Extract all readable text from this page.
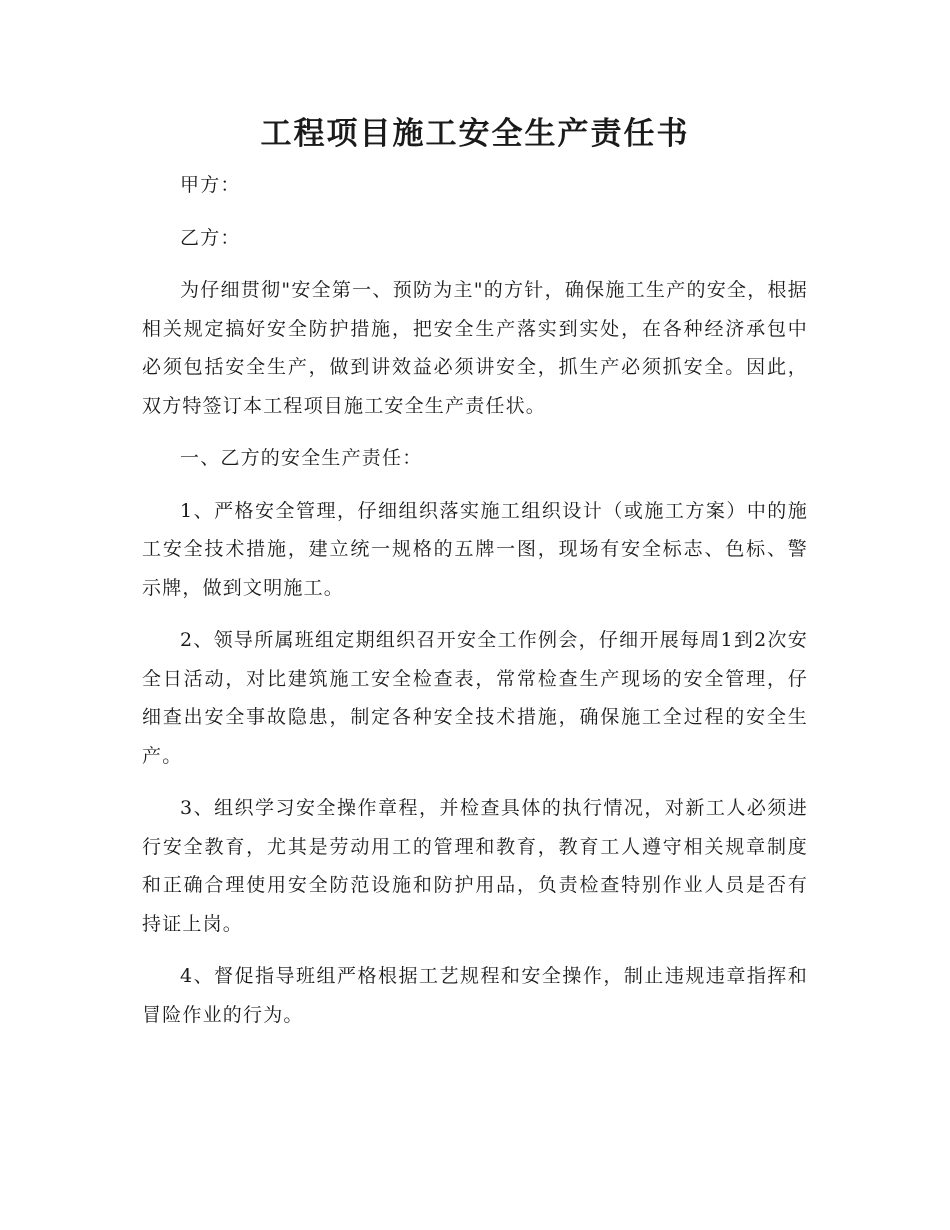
工程项目施工安全生产责任书

甲方：

乙方：

为仔细贯彻"安全第一、预防为主"的方针，确保施工生产的安全，根据相关规定搞好安全防护措施，把安全生产落实到实处，在各种经济承包中必须包括安全生产，做到讲效益必须讲安全，抓生产必须抓安全。因此，双方特签订本工程项目施工安全生产责任状。

一、乙方的安全生产责任：

1、严格安全管理，仔细组织落实施工组织设计（或施工方案）中的施工安全技术措施，建立统一规格的五牌一图，现场有安全标志、色标、警示牌，做到文明施工。

2、领导所属班组定期组织召开安全工作例会，仔细开展每周1到2次安全日活动，对比建筑施工安全检查表，常常检查生产现场的安全管理，仔细查出安全事故隐患，制定各种安全技术措施，确保施工全过程的安全生产。

3、组织学习安全操作章程，并检查具体的执行情况，对新工人必须进行安全教育，尤其是劳动用工的管理和教育，教育工人遵守相关规章制度和正确合理使用安全防范设施和防护用品，负责检查特别作业人员是否有持证上岗。

4、督促指导班组严格根据工艺规程和安全操作，制止违规违章指挥和冒险作业的行为。
